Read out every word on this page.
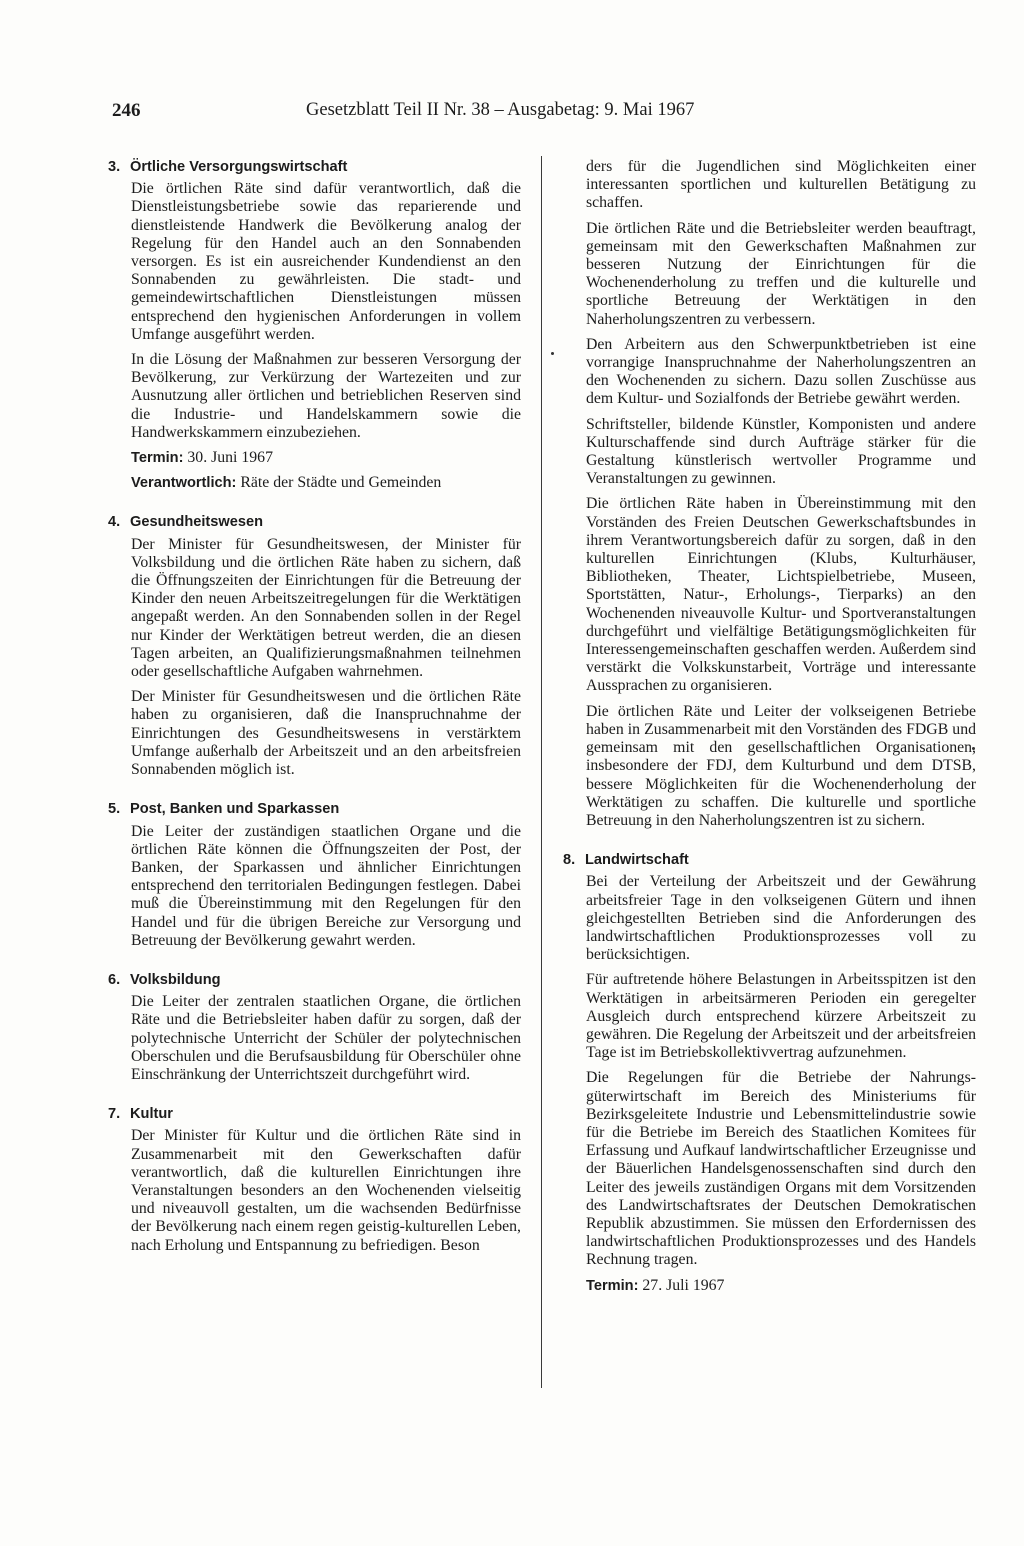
246	Gesetzblatt Teil II Nr. 38 – Ausgabetag: 9. Mai 1967
3. Örtliche Versorgungswirtschaft

Die örtlichen Räte sind dafür verantwortlich, daß die Dienstleistungsbetriebe sowie das reparierende und dienstleistende Handwerk die Bevölkerung analog der Regelung für den Handel auch an den Sonnabenden versorgen. Es ist ein ausreichender Kundendienst an den Sonnabenden zu gewährleisten. Die stadt- und gemeindewirtschaftlichen Dienstleistungen müssen entsprechend den hygienischen Anforderungen in vollem Umfange ausgeführt werden.

In die Lösung der Maßnahmen zur besseren Versorgung der Bevölkerung, zur Verkürzung der Wartezeiten und zur Ausnutzung aller örtlichen und betrieblichen Reserven sind die Industrie- und Handelskammern sowie die Handwerkskammern einzubeziehen.

Termin: 30. Juni 1967

Verantwortlich: Räte der Städte und Gemeinden

4. Gesundheitswesen

Der Minister für Gesundheitswesen, der Minister für Volksbildung und die örtlichen Räte haben zu sichern, daß die Öffnungszeiten der Einrichtungen für die Betreuung der Kinder den neuen Arbeitszeitregelungen für die Werktätigen angepaßt werden. An den Sonnabenden sollen in der Regel nur Kinder der Werktätigen betreut werden, die an diesen Tagen arbeiten, an Qualifizierungsmaßnahmen teilnehmen oder gesellschaftliche Aufgaben wahrnehmen.

Der Minister für Gesundheitswesen und die örtlichen Räte haben zu organisieren, daß die Inanspruchnahme der Einrichtungen des Gesundheitswesens in verstärktem Umfange außerhalb der Arbeitszeit und an den arbeitsfreien Sonnabenden möglich ist.

5. Post, Banken und Sparkassen

Die Leiter der zuständigen staatlichen Organe und die örtlichen Räte können die Öffnungszeiten der Post, der Banken, der Sparkassen und ähnlicher Einrichtungen entsprechend den territorialen Bedingungen festlegen. Dabei muß die Übereinstimmung mit den Regelungen für den Handel und für die übrigen Bereiche zur Versorgung und Betreuung der Bevölkerung gewahrt werden.

6. Volksbildung

Die Leiter der zentralen staatlichen Organe, die örtlichen Räte und die Betriebsleiter haben dafür zu sorgen, daß der polytechnische Unterricht der Schüler der polytechnischen Oberschulen und die Berufsausbildung für Oberschüler ohne Einschränkung der Unterrichtszeit durchgeführt wird.

7. Kultur

Der Minister für Kultur und die örtlichen Räte sind in Zusammenarbeit mit den Gewerkschaften dafür verantwortlich, daß die kulturellen Einrichtungen ihre Veranstaltungen besonders an den Wochenenden vielseitig und niveauvoll gestalten, um die wachsenden Bedürfnisse der Bevölkerung nach einem regen geistig-kulturellen Leben, nach Erholung und Entspannung zu befriedigen. Beson

ders für die Jugendlichen sind Möglichkeiten einer interessanten sportlichen und kulturellen Betätigung zu schaffen.

Die örtlichen Räte und die Betriebsleiter werden beauftragt, gemeinsam mit den Gewerkschaften Maßnahmen zur besseren Nutzung der Einrichtungen für die Wochenenderholung zu treffen und die kulturelle und sportliche Betreuung der Werktätigen in den Naherholungszentren zu verbessern.

Den Arbeitern aus den Schwerpunktbetrieben ist eine vorrangige Inanspruchnahme der Naherholungszentren an den Wochenenden zu sichern. Dazu sollen Zuschüsse aus dem Kultur- und Sozialfonds der Betriebe gewährt werden.

Schriftsteller, bildende Künstler, Komponisten und andere Kulturschaffende sind durch Aufträge stärker für die Gestaltung künstlerisch wertvoller Programme und Veranstaltungen zu gewinnen.

Die örtlichen Räte haben in Übereinstimmung mit den Vorständen des Freien Deutschen Gewerkschaftsbundes in ihrem Verantwortungsbereich dafür zu sorgen, daß in den kulturellen Einrichtungen (Klubs, Kulturhäuser, Bibliotheken, Theater, Lichtspielbetriebe, Museen, Sportstätten, Natur-, Erholungs-, Tierparks) an den Wochenenden niveauvolle Kultur- und Sportveranstaltungen durchgeführt und vielfältige Betätigungsmöglichkeiten für Interessengemeinschaften geschaffen werden. Außerdem sind verstärkt die Volkskunstarbeit, Vorträge und interessante Aussprachen zu organisieren.

Die örtlichen Räte und Leiter der volkseigenen Betriebe haben in Zusammenarbeit mit den Vorständen des FDGB und gemeinsam mit den gesellschaftlichen Organisationen, insbesondere der FDJ, dem Kulturbund und dem DTSB, bessere Möglichkeiten für die Wochenenderholung der Werktätigen zu schaffen. Die kulturelle und sportliche Betreuung in den Naherholungszentren ist zu sichern.

8. Landwirtschaft

Bei der Verteilung der Arbeitszeit und der Gewährung arbeitsfreier Tage in den volkseigenen Gütern und ihnen gleichgestellten Betrieben sind die Anforderungen des landwirtschaftlichen Produktionsprozesses voll zu berücksichtigen.

Für auftretende höhere Belastungen in Arbeitsspitzen ist den Werktätigen in arbeitsärmeren Perioden ein geregelter Ausgleich durch entsprechend kürzere Arbeitszeit zu gewähren. Die Regelung der Arbeitszeit und der arbeitsfreien Tage ist im Betriebskollektivvertrag aufzunehmen.

Die Regelungen für die Betriebe der Nahrungsgüterwirtschaft im Bereich des Ministeriums für Bezirksgeleitete Industrie und Lebensmittelindustrie sowie für die Betriebe im Bereich des Staatlichen Komitees für Erfassung und Aufkauf landwirtschaftlicher Erzeugnisse und der Bäuerlichen Handelsgenossenschaften sind durch den Leiter des jeweils zuständigen Organs mit dem Vorsitzenden des Landwirtschaftsrates der Deutschen Demokratischen Republik abzustimmen. Sie müssen den Erfordernissen des landwirtschaftlichen Produktionsprozesses und des Handels Rechnung tragen.

Termin: 27. Juli 1967
